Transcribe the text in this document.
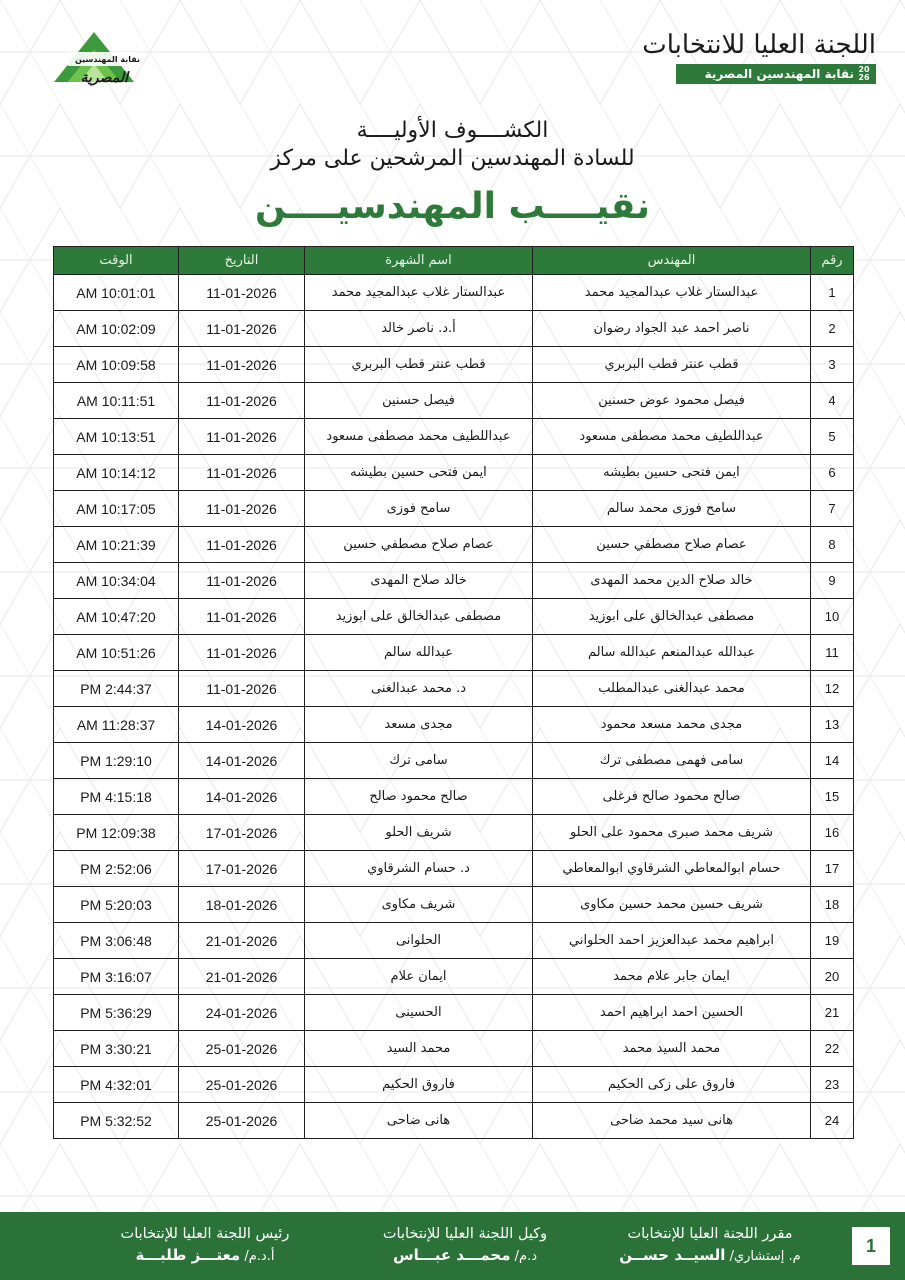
اللجنة العليا للانتخابات
نقابة المهندسين المصرية 20
26
نقابة المهندسين
المصرية
الكشــــوف الأوليــــة
للسادة المهندسين المرشحين على مركز
نقيــــب المهندسيــــن
الوقت	التاريخ	اسم الشهرة	المهندس	رقم
AM 10:01:01	11-01-2026	عبدالستار غلاب عبدالمجيد محمد	عبدالستار غلاب عبدالمجيد محمد	1
AM 10:02:09	11-01-2026	أ.د. ناصر خالد	ناصر احمد عبد الجواد رضوان	2
AM 10:09:58	11-01-2026	قطب عنتر قطب البربري	قطب عنتر قطب البربري	3
AM 10:11:51	11-01-2026	فيصل حسنين	فيصل محمود عوض حسنين	4
AM 10:13:51	11-01-2026	عبداللطيف محمد مصطفى مسعود	عبداللطيف محمد مصطفى مسعود	5
AM 10:14:12	11-01-2026	ايمن فتحى حسين بطيشه	ايمن فتحى حسين بطيشه	6
AM 10:17:05	11-01-2026	سامح فوزى	سامح فوزى محمد سالم	7
AM 10:21:39	11-01-2026	عصام صلاح مصطفي حسين	عصام صلاح مصطفي حسين	8
AM 10:34:04	11-01-2026	خالد صلاح المهدى	خالد صلاح الدين محمد المهدى	9
AM 10:47:20	11-01-2026	مصطفى عبدالخالق على ابوزيد	مصطفى عبدالخالق على ابوزيد	10
AM 10:51:26	11-01-2026	عبدالله سالم	عبدالله عبدالمنعم عبدالله سالم	11
PM 2:44:37	11-01-2026	د. محمد عبدالغنى	محمد عبدالغنى عبدالمطلب	12
AM 11:28:37	14-01-2026	مجدى مسعد	مجدى محمد مسعد محمود	13
PM 1:29:10	14-01-2026	سامى ترك	سامى فهمى مصطفى ترك	14
PM 4:15:18	14-01-2026	صالح محمود صالح	صالح محمود صالح فرغلى	15
PM 12:09:38	17-01-2026	شريف الحلو	شريف محمد صبرى محمود على الحلو	16
PM 2:52:06	17-01-2026	د. حسام الشرقاوي	حسام ابوالمعاطي الشرقاوي ابوالمعاطي	17
PM 5:20:03	18-01-2026	شريف مكاوى	شريف حسين محمد حسين مكاوى	18
PM 3:06:48	21-01-2026	الحلوانى	ابراهيم محمد عبدالعزيز احمد الحلواني	19
PM 3:16:07	21-01-2026	ايمان علام	ايمان جابر علام محمد	20
PM 5:36:29	24-01-2026	الحسينى	الحسين احمد ابراهيم احمد	21
PM 3:30:21	25-01-2026	محمد السيد	محمد السيد محمد	22
PM 4:32:01	25-01-2026	فاروق الحكيم	فاروق على زكى الحكيم	23
PM 5:32:52	25-01-2026	هانى ضاحى	هانى سيد محمد ضاحى	24
مقرر اللجنة العليا للإنتخابات
م. إستشاري/ السيــد حســن
وكيل اللجنة العليا للإنتخابات
د.م/ محمـــد عبـــاس
رئيس اللجنة العليا للإنتخابات
أ.د.م/ معتـــز طلبـــة	1
